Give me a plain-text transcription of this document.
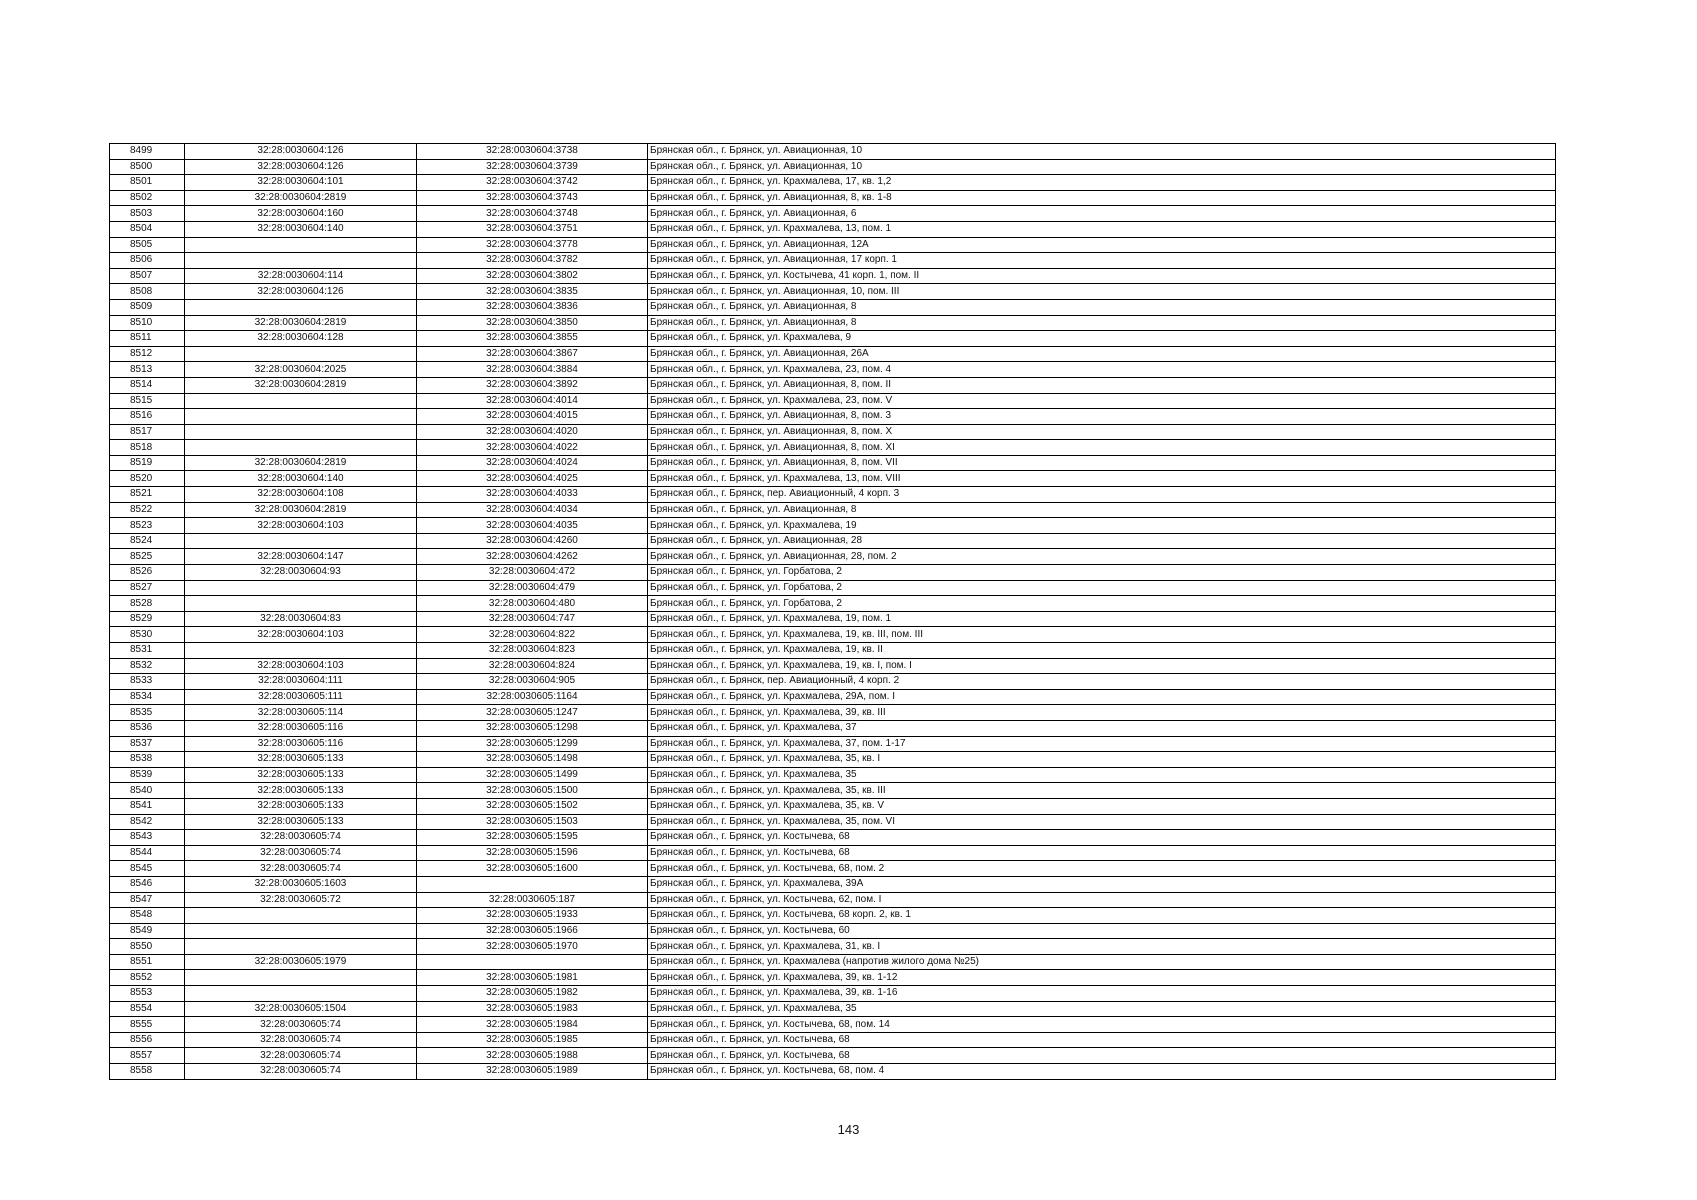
8499	32:28:0030604:126	32:28:0030604:3738	Брянская обл., г. Брянск, ул. Авиационная, 10
8500	32:28:0030604:126	32:28:0030604:3739	Брянская обл., г. Брянск, ул. Авиационная, 10
8501	32:28:0030604:101	32:28:0030604:3742	Брянская обл., г. Брянск, ул. Крахмалева, 17, кв. 1,2
8502	32:28:0030604:2819	32:28:0030604:3743	Брянская обл., г. Брянск, ул. Авиационная, 8, кв. 1-8
8503	32:28:0030604:160	32:28:0030604:3748	Брянская обл., г. Брянск, ул. Авиационная, 6
8504	32:28:0030604:140	32:28:0030604:3751	Брянская обл., г. Брянск, ул. Крахмалева, 13, пом. 1
8505		32:28:0030604:3778	Брянская обл., г. Брянск, ул. Авиационная, 12А
8506		32:28:0030604:3782	Брянская обл., г. Брянск, ул. Авиационная, 17 корп. 1
8507	32:28:0030604:114	32:28:0030604:3802	Брянская обл., г. Брянск, ул. Костычева, 41 корп. 1, пом. II
8508	32:28:0030604:126	32:28:0030604:3835	Брянская обл., г. Брянск, ул. Авиационная, 10, пом. III
8509		32:28:0030604:3836	Брянская обл., г. Брянск, ул. Авиационная, 8
8510	32:28:0030604:2819	32:28:0030604:3850	Брянская обл., г. Брянск, ул. Авиационная, 8
8511	32:28:0030604:128	32:28:0030604:3855	Брянская обл., г. Брянск, ул. Крахмалева, 9
8512		32:28:0030604:3867	Брянская обл., г. Брянск, ул. Авиационная, 26А
8513	32:28:0030604:2025	32:28:0030604:3884	Брянская обл., г. Брянск, ул. Крахмалева, 23, пом. 4
8514	32:28:0030604:2819	32:28:0030604:3892	Брянская обл., г. Брянск, ул. Авиационная, 8, пом. II
8515		32:28:0030604:4014	Брянская обл., г. Брянск, ул. Крахмалева, 23, пом. V
8516		32:28:0030604:4015	Брянская обл., г. Брянск, ул. Авиационная, 8, пом. 3
8517		32:28:0030604:4020	Брянская обл., г. Брянск, ул. Авиационная, 8, пом. X
8518		32:28:0030604:4022	Брянская обл., г. Брянск, ул. Авиационная, 8, пом. XI
8519	32:28:0030604:2819	32:28:0030604:4024	Брянская обл., г. Брянск, ул. Авиационная, 8, пом. VII
8520	32:28:0030604:140	32:28:0030604:4025	Брянская обл., г. Брянск, ул. Крахмалева, 13, пом. VIII
8521	32:28:0030604:108	32:28:0030604:4033	Брянская обл., г. Брянск, пер. Авиационный, 4 корп. 3
8522	32:28:0030604:2819	32:28:0030604:4034	Брянская обл., г. Брянск, ул. Авиационная, 8
8523	32:28:0030604:103	32:28:0030604:4035	Брянская обл., г. Брянск, ул. Крахмалева, 19
8524		32:28:0030604:4260	Брянская обл., г. Брянск, ул. Авиационная, 28
8525	32:28:0030604:147	32:28:0030604:4262	Брянская обл., г. Брянск, ул. Авиационная, 28, пом. 2
8526	32:28:0030604:93	32:28:0030604:472	Брянская обл., г. Брянск, ул. Горбатова, 2
8527		32:28:0030604:479	Брянская обл., г. Брянск, ул. Горбатова, 2
8528		32:28:0030604:480	Брянская обл., г. Брянск, ул. Горбатова, 2
8529	32:28:0030604:83	32:28:0030604:747	Брянская обл., г. Брянск, ул. Крахмалева, 19, пом. 1
8530	32:28:0030604:103	32:28:0030604:822	Брянская обл., г. Брянск, ул. Крахмалева, 19, кв. III, пом. III
8531		32:28:0030604:823	Брянская обл., г. Брянск, ул. Крахмалева, 19, кв. II
8532	32:28:0030604:103	32:28:0030604:824	Брянская обл., г. Брянск, ул. Крахмалева, 19, кв. I, пом. I
8533	32:28:0030604:111	32:28:0030604:905	Брянская обл., г. Брянск, пер. Авиационный, 4 корп. 2
8534	32:28:0030605:111	32:28:0030605:1164	Брянская обл., г. Брянск, ул. Крахмалева, 29А, пом. I
8535	32:28:0030605:114	32:28:0030605:1247	Брянская обл., г. Брянск, ул. Крахмалева, 39, кв. III
8536	32:28:0030605:116	32:28:0030605:1298	Брянская обл., г. Брянск, ул. Крахмалева, 37
8537	32:28:0030605:116	32:28:0030605:1299	Брянская обл., г. Брянск, ул. Крахмалева, 37, пом. 1-17
8538	32:28:0030605:133	32:28:0030605:1498	Брянская обл., г. Брянск, ул. Крахмалева, 35, кв. I
8539	32:28:0030605:133	32:28:0030605:1499	Брянская обл., г. Брянск, ул. Крахмалева, 35
8540	32:28:0030605:133	32:28:0030605:1500	Брянская обл., г. Брянск, ул. Крахмалева, 35, кв. III
8541	32:28:0030605:133	32:28:0030605:1502	Брянская обл., г. Брянск, ул. Крахмалева, 35, кв. V
8542	32:28:0030605:133	32:28:0030605:1503	Брянская обл., г. Брянск, ул. Крахмалева, 35, пом. VI
8543	32:28:0030605:74	32:28:0030605:1595	Брянская обл., г. Брянск, ул. Костычева, 68
8544	32:28:0030605:74	32:28:0030605:1596	Брянская обл., г. Брянск, ул. Костычева, 68
8545	32:28:0030605:74	32:28:0030605:1600	Брянская обл., г. Брянск, ул. Костычева, 68, пом. 2
8546	32:28:0030605:1603		Брянская обл., г. Брянск, ул. Крахмалева, 39А
8547	32:28:0030605:72	32:28:0030605:187	Брянская обл., г. Брянск, ул. Костычева, 62, пом. I
8548		32:28:0030605:1933	Брянская обл., г. Брянск, ул. Костычева, 68 корп. 2, кв. 1
8549		32:28:0030605:1966	Брянская обл., г. Брянск, ул. Костычева, 60
8550		32:28:0030605:1970	Брянская обл., г. Брянск, ул. Крахмалева, 31, кв. I
8551	32:28:0030605:1979		Брянская обл., г. Брянск, ул. Крахмалева (напротив жилого дома №25)
8552		32:28:0030605:1981	Брянская обл., г. Брянск, ул. Крахмалева, 39, кв. 1-12
8553		32:28:0030605:1982	Брянская обл., г. Брянск, ул. Крахмалева, 39, кв. 1-16
8554	32:28:0030605:1504	32:28:0030605:1983	Брянская обл., г. Брянск, ул. Крахмалева, 35
8555	32:28:0030605:74	32:28:0030605:1984	Брянская обл., г. Брянск, ул. Костычева, 68, пом. 14
8556	32:28:0030605:74	32:28:0030605:1985	Брянская обл., г. Брянск, ул. Костычева, 68
8557	32:28:0030605:74	32:28:0030605:1988	Брянская обл., г. Брянск, ул. Костычева, 68
8558	32:28:0030605:74	32:28:0030605:1989	Брянская обл., г. Брянск, ул. Костычева, 68, пом. 4
143
